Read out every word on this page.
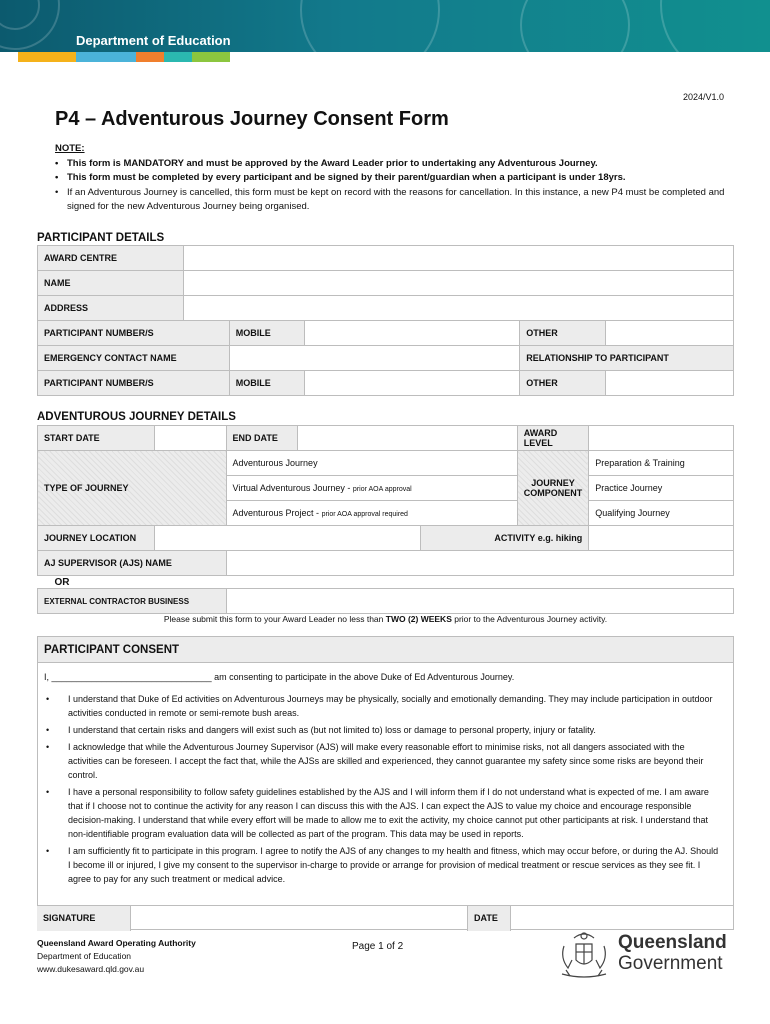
Department of Education
2024/V1.0
P4 – Adventurous Journey Consent Form
NOTE:
• This form is MANDATORY and must be approved by the Award Leader prior to undertaking any Adventurous Journey.
• This form must be completed by every participant and be signed by their parent/guardian when a participant is under 18yrs.
• If an Adventurous Journey is cancelled, this form must be kept on record with the reasons for cancellation. In this instance, a new P4 must be completed and signed for the new Adventurous Journey being organised.
PARTICIPANT DETAILS
AWARD CENTRE					
NAME					
ADDRESS					
PARTICIPANT NUMBER/S		MOBILE		OTHER	
EMERGENCY CONTACT NAME				RELATIONSHIP TO PARTICIPANT	
PARTICIPANT NUMBER/S		MOBILE		OTHER	
ADVENTUROUS JOURNEY DETAILS
START DATE		END DATE			AWARD LEVEL	
TYPE OF JOURNEY		Adventurous Journey			JOURNEY COMPONENT	Preparation & Training
		Virtual Adventurous Journey - prior AOA approval				Practice Journey
		Adventurous Project - prior AOA approval required				Qualifying Journey
JOURNEY LOCATION				ACTIVITY e.g. hiking		
AJ SUPERVISOR (AJS) NAME						
OR						
EXTERNAL CONTRACTOR BUSINESS						
Please submit this form to your Award Leader no less than TWO (2) WEEKS prior to the Adventurous Journey activity.
PARTICIPANT CONSENT
I, ________________________________ am consenting to participate in the above Duke of Ed Adventurous Journey.
• I understand that Duke of Ed activities on Adventurous Journeys may be physically, socially and emotionally demanding. They may include participation in outdoor activities conducted in remote or semi-remote bush areas.
• I understand that certain risks and dangers will exist such as (but not limited to) loss or damage to personal property, injury or fatality.
• I acknowledge that while the Adventurous Journey Supervisor (AJS) will make every reasonable effort to minimise risks, not all dangers associated with the activities can be foreseen. I accept the fact that, while the AJSs are skilled and experienced, they cannot guarantee my safety since some risks are beyond their control.
• I have a personal responsibility to follow safety guidelines established by the AJS and I will inform them if I do not understand what is expected of me. I am aware that if I choose not to continue the activity for any reason I can discuss this with the AJS. I can expect the AJS to value my choice and encourage responsible decision-making. I understand that while every effort will be made to allow me to exit the activity, my choice cannot put other participants at risk. I understand that non-identifiable program evaluation data will be collected as part of the program. This data may be used in reports.
• I am sufficiently fit to participate in this program. I agree to notify the AJS of any changes to my health and fitness, which may occur before, or during the AJ. Should I become ill or injured, I give my consent to the supervisor in-charge to provide or arrange for provision of medical treatment or rescue services as they see fit. I agree to pay for any such treatment or medical advice.
SIGNATURE	DATE
Queensland Award Operating Authority
Department of Education
www.dukesaward.qld.gov.au
Page 1 of 2	Queensland
Government
